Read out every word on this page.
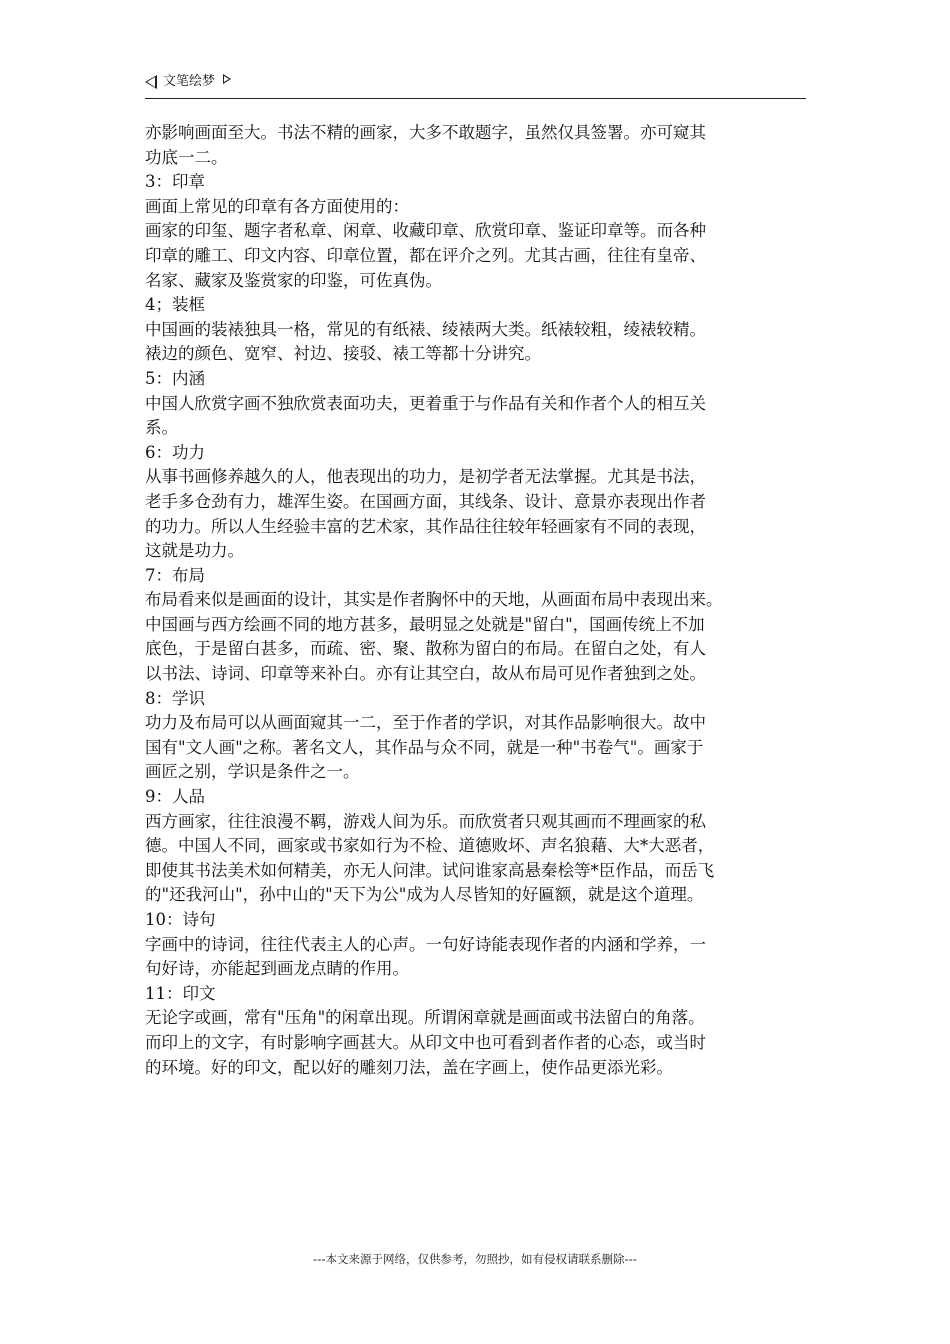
文笔绘梦
亦影响画面至大。书法不精的画家，大多不敢题字，虽然仅具签署。亦可窥其
功底一二。
3：印章
画面上常见的印章有各方面使用的：
画家的印玺、题字者私章、闲章、收藏印章、欣赏印章、鉴证印章等。而各种
印章的雕工、印文内容、印章位置，都在评介之列。尤其古画，往往有皇帝、
名家、藏家及鉴赏家的印鉴，可佐真伪。
4；装框
中国画的装裱独具一格，常见的有纸裱、绫裱两大类。纸裱较粗，绫裱较精。
裱边的颜色、宽窄、衬边、接驳、裱工等都十分讲究。
5：内涵
中国人欣赏字画不独欣赏表面功夫，更着重于与作品有关和作者个人的相互关
系。
6：功力
从事书画修养越久的人，他表现出的功力，是初学者无法掌握。尤其是书法，
老手多仓劲有力，雄浑生姿。在国画方面，其线条、设计、意景亦表现出作者
的功力。所以人生经验丰富的艺术家，其作品往往较年轻画家有不同的表现，
这就是功力。
7：布局
布局看来似是画面的设计，其实是作者胸怀中的天地，从画面布局中表现出来。
中国画与西方绘画不同的地方甚多，最明显之处就是"留白"，国画传统上不加
底色，于是留白甚多，而疏、密、聚、散称为留白的布局。在留白之处，有人
以书法、诗词、印章等来补白。亦有让其空白，故从布局可见作者独到之处。
8：学识
功力及布局可以从画面窥其一二，至于作者的学识，对其作品影响很大。故中
国有"文人画"之称。著名文人，其作品与众不同，就是一种"书卷气"。画家于
画匠之别，学识是条件之一。
9：人品
西方画家，往往浪漫不羁，游戏人间为乐。而欣赏者只观其画而不理画家的私
德。中国人不同，画家或书家如行为不检、道德败坏、声名狼藉、大*大恶者，
即使其书法美术如何精美，亦无人问津。试问谁家高悬秦桧等*臣作品，而岳飞
的"还我河山"，孙中山的"天下为公"成为人尽皆知的好匾额，就是这个道理。
10：诗句
字画中的诗词，往往代表主人的心声。一句好诗能表现作者的内涵和学养，一
句好诗，亦能起到画龙点睛的作用。
11：印文
无论字或画，常有"压角"的闲章出现。所谓闲章就是画面或书法留白的角落。
而印上的文字，有时影响字画甚大。从印文中也可看到者作者的心态，或当时
的环境。好的印文，配以好的雕刻刀法，盖在字画上，使作品更添光彩。
---本文来源于网络，仅供参考，勿照抄，如有侵权请联系删除---
